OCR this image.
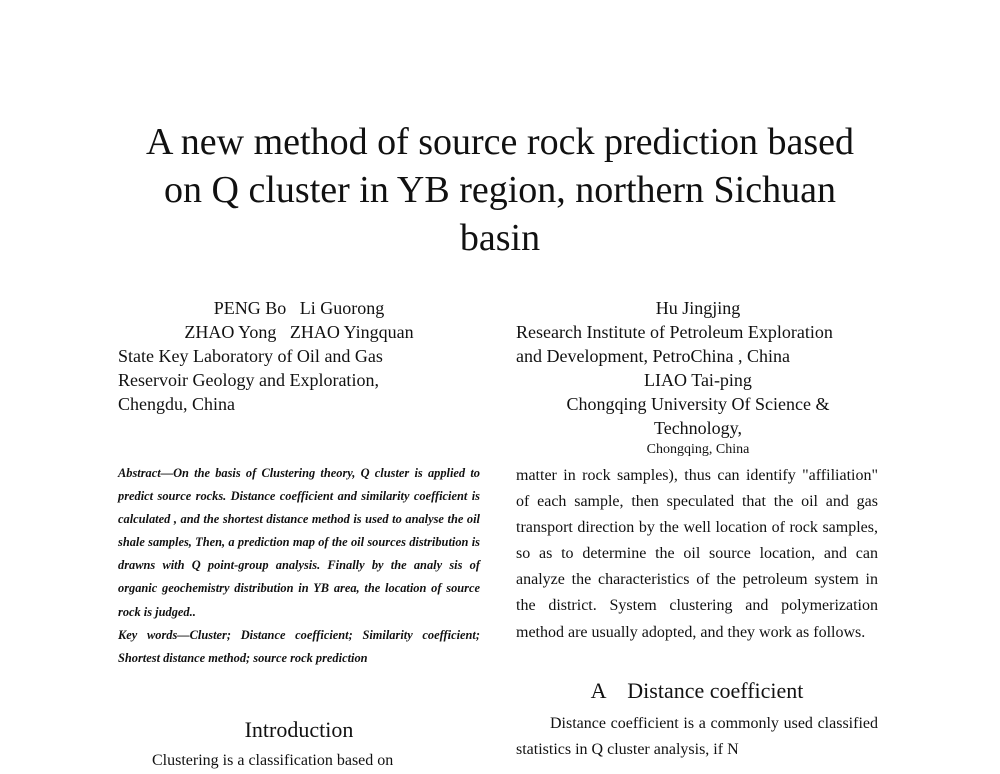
A new method of source rock prediction based
on Q cluster in YB region, northern Sichuan
basin
PENG Bo   Li Guorong
ZHAO Yong   ZHAO Yingquan
State Key Laboratory of Oil and Gas
Reservoir Geology and Exploration,
Chengdu, China
Hu Jingjing
Research Institute of Petroleum Exploration
and Development, PetroChina , China
LIAO Tai-ping
Chongqing University Of Science &
Technology,
Chongqing, China

Abstract—On the basis of Clustering theory, Q cluster is applied to predict source rocks. Distance coefficient and similarity coefficient is calculated , and the shortest distance method is used to analyse the oil shale samples, Then, a prediction map of the oil sources distribution is drawns with Q point-group analysis. Finally by the analy sis of organic geochemistry distribution in YB area, the location of source rock is judged..

Key words—Cluster; Distance coefficient; Similarity coefficient; Shortest distance method; source rock prediction

Introduction
Clustering is a classification based on

matter in rock samples), thus can identify "affiliation" of each sample, then speculated that the oil and gas transport direction by the well location of rock samples, so as to determine the oil source location, and can analyze the characteristics of the petroleum system in the district. System clustering and polymerization method are usually adopted, and they work as follows.

A    Distance coefficient
Distance coefficient is a commonly used classified statistics in Q cluster analysis, if N
